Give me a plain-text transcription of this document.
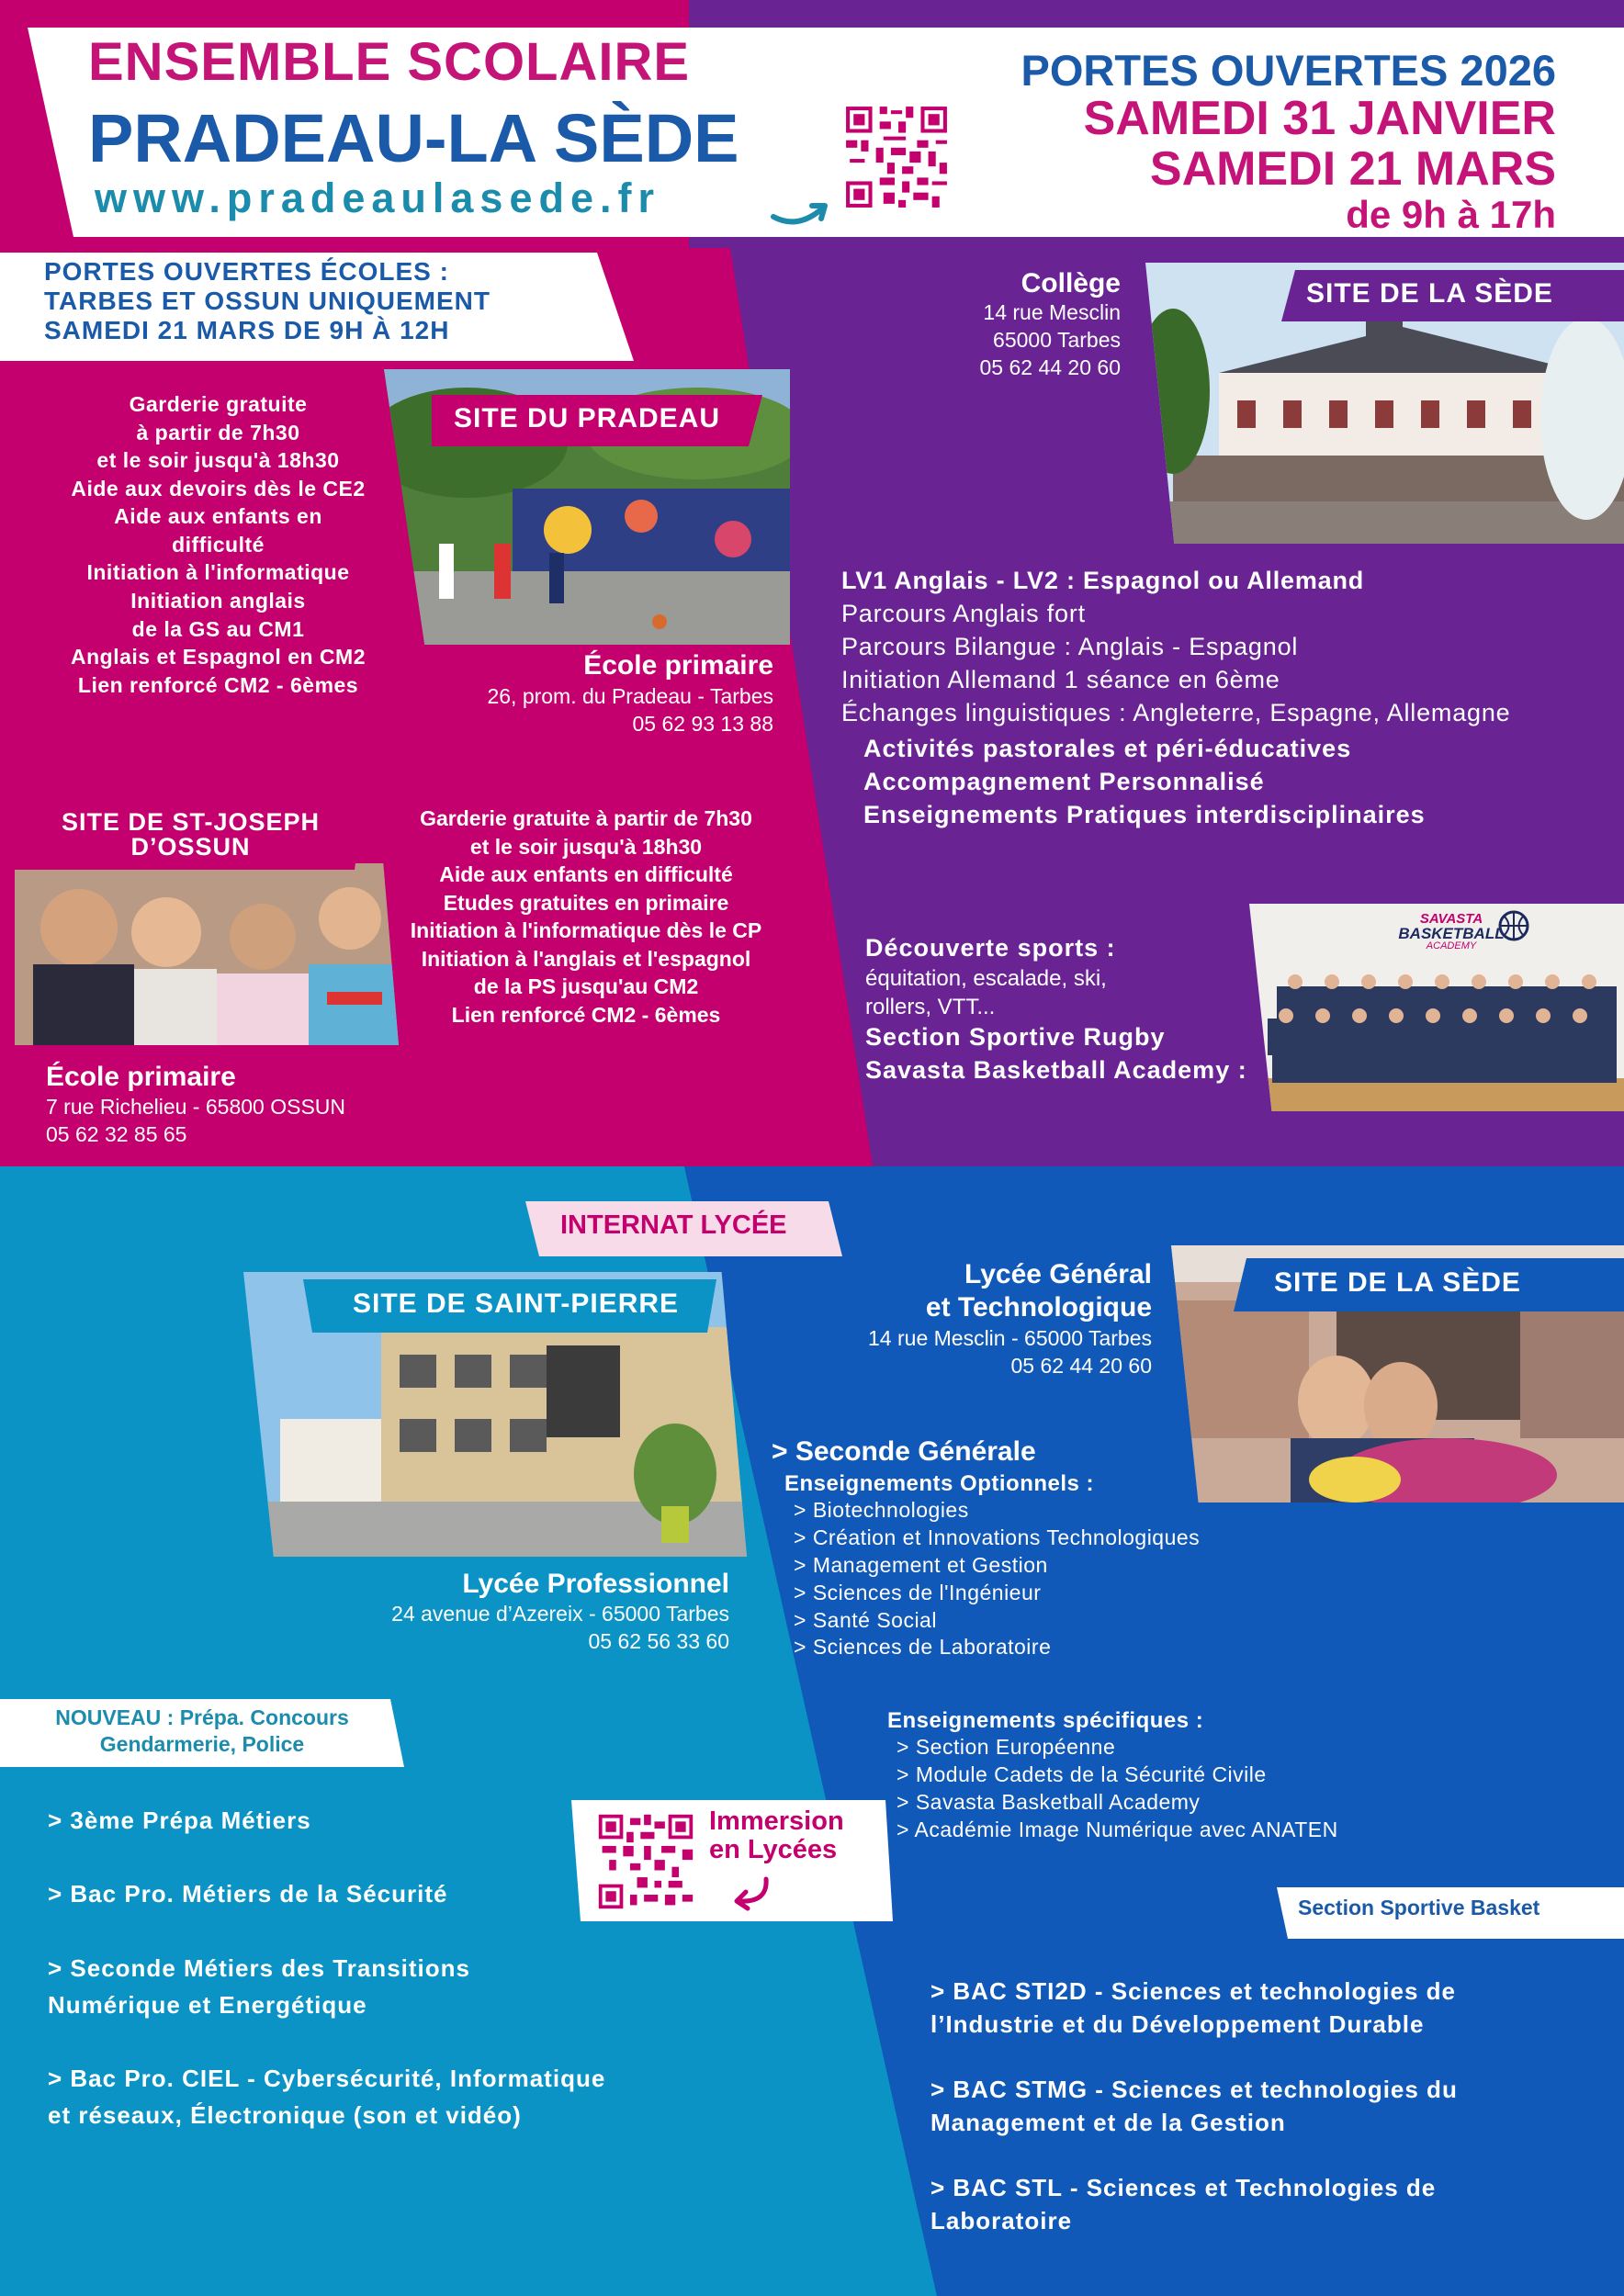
ENSEMBLE SCOLAIRE
PRADEAU-LA SÈDE
www.pradeaulasede.fr
PORTES OUVERTES 2026
SAMEDI 31 JANVIER
SAMEDI 21 MARS
de 9h à 17h
PORTES OUVERTES ÉCOLES :
TARBES ET OSSUN UNIQUEMENT
SAMEDI 21 MARS DE 9H À 12H
SITE DU PRADEAU
Garderie gratuite
à partir de 7h30
et le soir jusqu'à 18h30
Aide aux devoirs dès le CE2
Aide aux enfants en
difficulté
Initiation à l'informatique
Initiation anglais
de la GS au CM1
Anglais et Espagnol en CM2
Lien renforcé CM2 - 6èmes
École primaire
26, prom. du Pradeau - Tarbes
05 62 93 13 88
SITE DE ST-JOSEPH
D’OSSUN
Garderie gratuite à partir de 7h30
et le soir jusqu'à 18h30
Aide aux enfants en difficulté
Etudes gratuites en primaire
Initiation à l'informatique dès le CP
Initiation à l'anglais et l'espagnol
de la PS jusqu'au CM2
Lien renforcé CM2 - 6èmes
École primaire
7 rue Richelieu - 65800 OSSUN
05 62 32 85 65
SITE DE LA SÈDE
Collège
14 rue Mesclin
65000 Tarbes
05 62 44 20 60
LV1 Anglais - LV2 : Espagnol ou Allemand
Parcours Anglais fort
Parcours Bilangue : Anglais - Espagnol
Initiation Allemand 1 séance en 6ème
Échanges linguistiques : Angleterre, Espagne, Allemagne
Activités pastorales et péri-éducatives
Accompagnement Personnalisé
Enseignements Pratiques interdisciplinaires
Découverte sports :
équitation, escalade, ski,
rollers, VTT...
Section Sportive Rugby
Savasta Basketball Academy :
SAVASTA
BASKETBALL
ACADEMY
INTERNAT LYCÉE
SITE DE SAINT-PIERRE
Lycée Professionnel
24 avenue d’Azereix - 65000 Tarbes
05 62 56 33 60
NOUVEAU : Prépa. Concours
Gendarmerie, Police
> 3ème Prépa Métiers
> Bac Pro. Métiers de la Sécurité
> Seconde Métiers des Transitions
Numérique et Energétique
> Bac Pro. CIEL - Cybersécurité, Informatique
et réseaux, Électronique (son et vidéo)
Immersion
en Lycées
SITE DE LA SÈDE
Lycée Général
et Technologique
14 rue Mesclin - 65000 Tarbes
05 62 44 20 60
> Seconde Générale
Enseignements Optionnels :
> Biotechnologies
> Création et Innovations Technologiques
> Management et Gestion
> Sciences de l'Ingénieur
> Santé Social
> Sciences de Laboratoire
Enseignements spécifiques :
> Section Européenne
> Module Cadets de la Sécurité Civile
> Savasta Basketball Academy
> Académie Image Numérique avec ANATEN
Section Sportive Basket
> BAC STI2D - Sciences et technologies de
l’Industrie et du Développement Durable
> BAC STMG - Sciences et technologies du
Management et de la Gestion
> BAC STL - Sciences et Technologies de
Laboratoire
